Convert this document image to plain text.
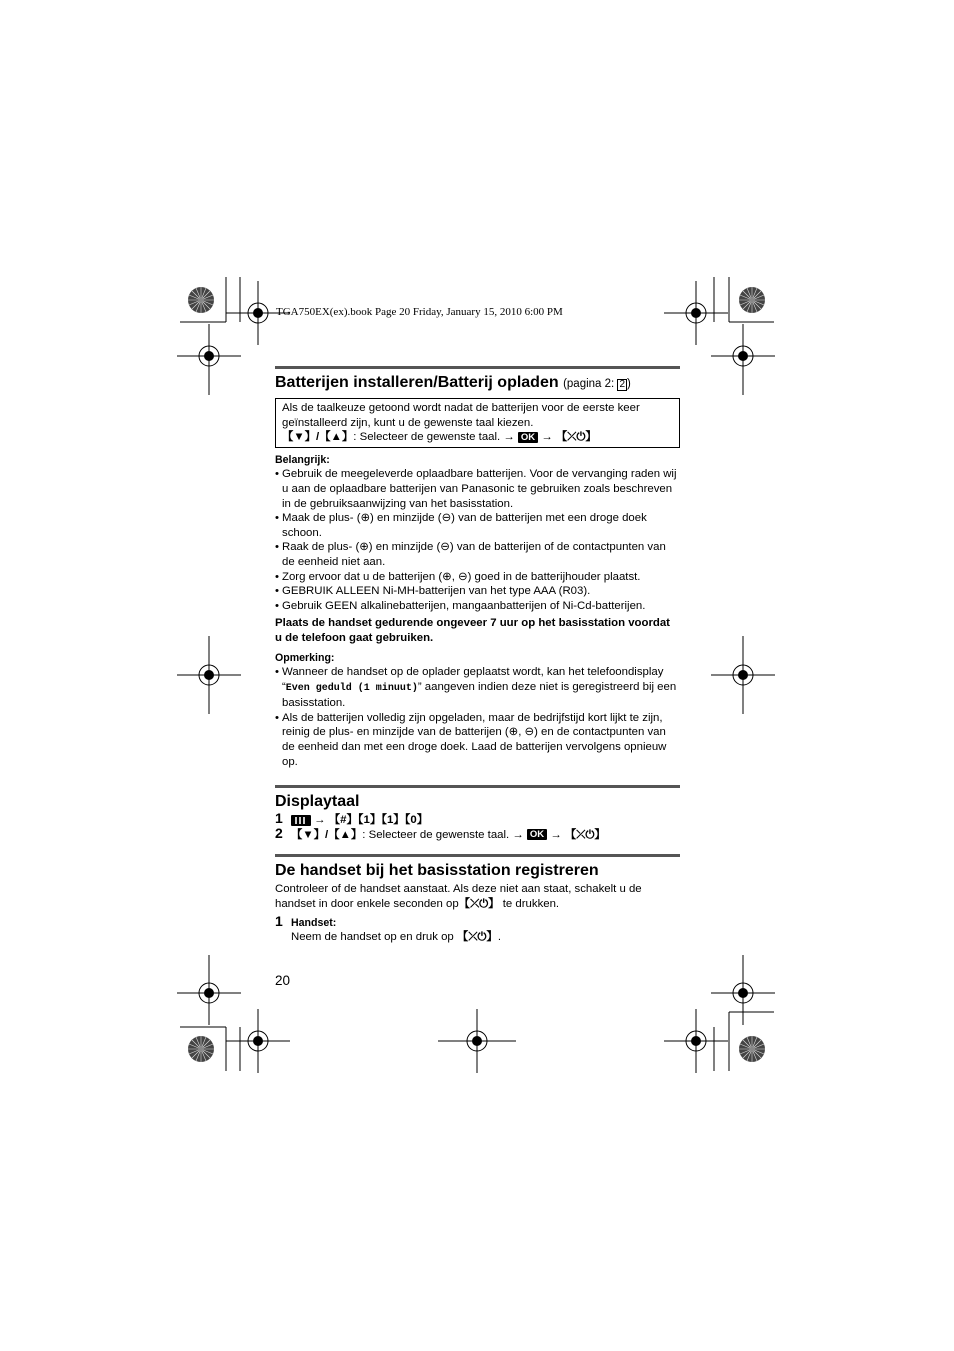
TGA750EX(ex).book Page 20 Friday, January 15, 2010 6:00 PM
Batterijen installeren/Batterij opladen (pagina 2: 2 )
Als de taalkeuze getoond wordt nadat de batterijen voor de eerste keer geïnstalleerd zijn, kunt u de gewenste taal kiezen.
【▼】/【▲】: Selecteer de gewenste taal. → OK → 【⤫⏻】
Belangrijk:
• Gebruik de meegeleverde oplaadbare batterijen. Voor de vervanging raden wij u aan de oplaadbare batterijen van Panasonic te gebruiken zoals beschreven in de gebruiksaanwijzing van het basisstation.
• Maak de plus- (⊕) en minzijde (⊖) van de batterijen met een droge doek schoon.
• Raak de plus- (⊕) en minzijde (⊖) van de batterijen of de contactpunten van de eenheid niet aan.
• Zorg ervoor dat u de batterijen (⊕, ⊖) goed in de batterijhouder plaatst.
• GEBRUIK ALLEEN Ni-MH-batterijen van het type AAA (R03).
• Gebruik GEEN alkalinebatterijen, mangaanbatterijen of Ni-Cd-batterijen.
Plaats de handset gedurende ongeveer 7 uur op het basisstation voordat u de telefoon gaat gebruiken.
Opmerking:
• Wanneer de handset op de oplader geplaatst wordt, kan het telefoondisplay “Even geduld (1 minuut)” aangeven indien deze niet is geregistreerd bij een basisstation.
• Als de batterijen volledig zijn opgeladen, maar de bedrijfstijd kort lijkt te zijn, reinig de plus- en minzijde van de batterijen (⊕, ⊖) en de contactpunten van de eenheid dan met een droge doek. Laad de batterijen vervolgens opnieuw op.
Displaytaal
1	→ 【#】【1】【1】【0】
2 【▼】/【▲】: Selecteer de gewenste taal. → OK → 【⤫⏻】
De handset bij het basisstation registreren
Controleer of de handset aanstaat. Als deze niet aan staat, schakelt u de handset in door enkele seconden op【⤫⏻】 te drukken.
1 Handset:
Neem de handset op en druk op 【⤫⏻】.
20
